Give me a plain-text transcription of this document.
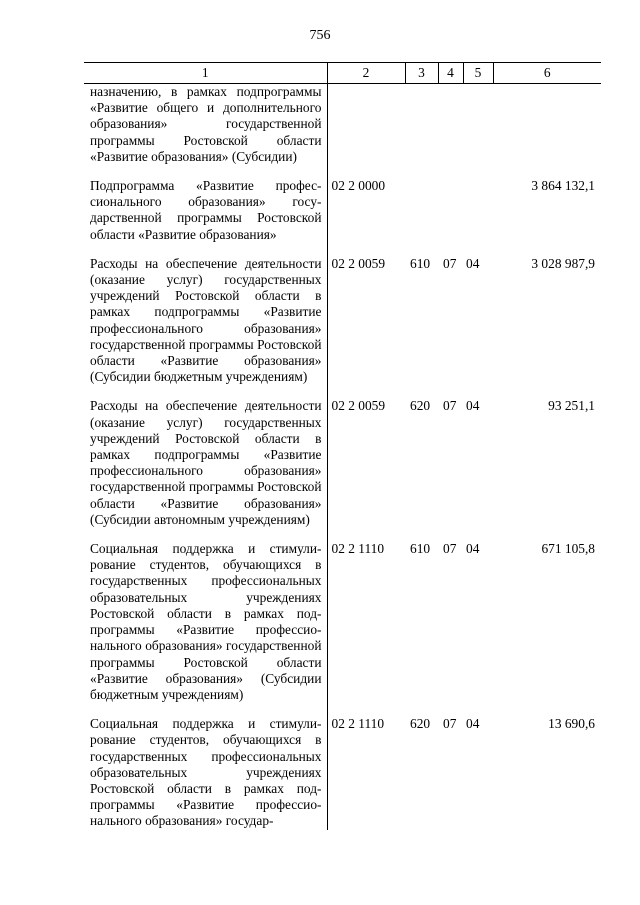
756
1	2	3	4	5	6
назначению, в рамках подпрограммы «Развитие общего и дополнительного образования» государственной программы Ростовской области «Развитие образования» (Субсидии)					
Подпрограмма «Развитие профессионального образования» государственной программы Ростовской области «Развитие образования»	02 2 0000				3 864 132,1
Расходы на обеспечение деятельности (оказание услуг) государственных учреждений Ростовской области в рамках подпрограммы «Развитие профессионального образования» государственной программы Ростовской области «Развитие образования» (Субсидии бюджетным учреждениям)	02 2 0059	610	07	04	3 028 987,9
Расходы на обеспечение деятельности (оказание услуг) государственных учреждений Ростовской области в рамках подпрограммы «Развитие профессионального образования» государственной программы Ростовской области «Развитие образования» (Субсидии автономным учреждениям)	02 2 0059	620	07	04	93 251,1
Социальная поддержка и стимулирование студентов, обучающихся в государственных профессиональных образовательных учреждениях Ростовской области в рамках подпрограммы «Развитие профессионального образования» государственной программы Ростовской области «Развитие образования» (Субсидии бюджетным учреждениям)	02 2 1110	610	07	04	671 105,8
Социальная поддержка и стимулирование студентов, обучающихся в государственных профессиональных образовательных учреждениях Ростовской области в рамках подпрограммы «Развитие профессионального образования» государ-	02 2 1110	620	07	04	13 690,6
